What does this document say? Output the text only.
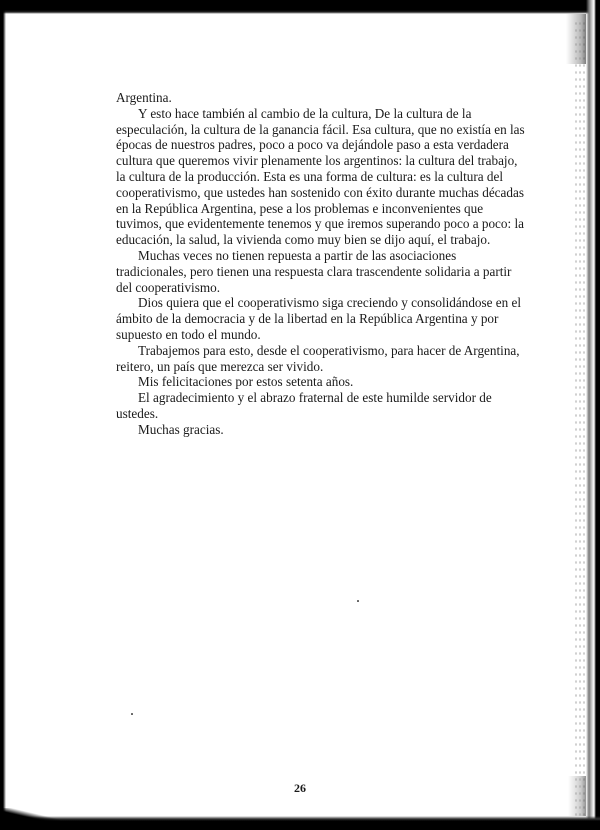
Argentina.

Y esto hace también al cambio de la cultura, De la cultura de la especulación, la cultura de la ganancia fácil. Esa cultura, que no existía en las épocas de nuestros padres, poco a poco va dejándole paso a esta verdadera cultura que queremos vivir plenamente los argentinos: la cultura del trabajo, la cultura de la producción. Esta es una forma de cultura: es la cultura del cooperativismo, que ustedes han sostenido con éxito durante muchas décadas en la República Argentina, pese a los problemas e inconvenientes que tuvimos, que evidentemente tenemos y que iremos superando poco a poco: la educación, la salud, la vivienda como muy bien se dijo aquí, el trabajo.

Muchas veces no tienen repuesta a partir de las asociaciones tradicionales, pero tienen una respuesta clara trascendente solidaria a partir del cooperativismo.

Dios quiera que el cooperativismo siga creciendo y consolidándose en el ámbito de la democracia y de la libertad en la República Argentina y por supuesto en todo el mundo.

Trabajemos para esto, desde el cooperativismo, para hacer de Argentina, reitero, un país que merezca ser vivido.

Mis felicitaciones por estos setenta años.

El agradecimiento y el abrazo fraternal de este humilde servidor de ustedes.

Muchas gracias.

26
